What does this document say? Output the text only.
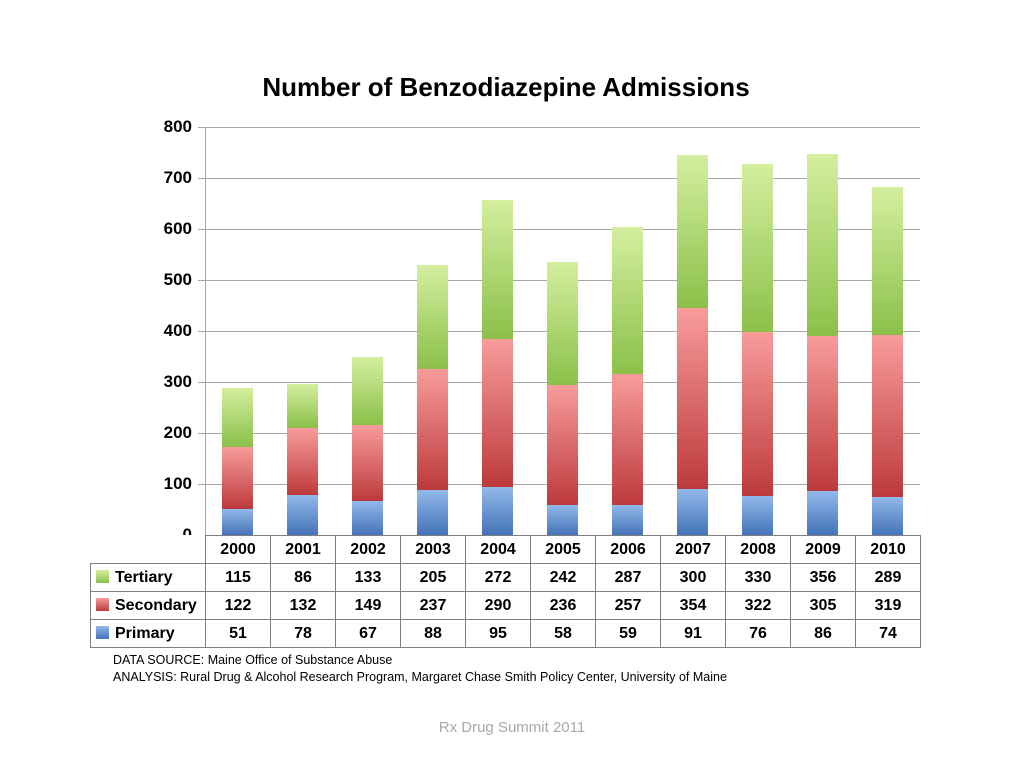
Number of Benzodiazepine Admissions
100
200
300
400
500
600
700
800
	2000	2001	2002	2003	2004	2005	2006	2007	2008	2009	2010
Tertiary	115	86	133	205	272	242	287	300	330	356	289
Secondary	122	132	149	237	290	236	257	354	322	305	319
Primary	51	78	67	88	95	58	59	91	76	86	74
DATA SOURCE: Maine Office of Substance Abuse
ANALYSIS: Rural Drug & Alcohol Research Program, Margaret Chase Smith Policy Center, University of Maine
Rx Drug Summit 2011
